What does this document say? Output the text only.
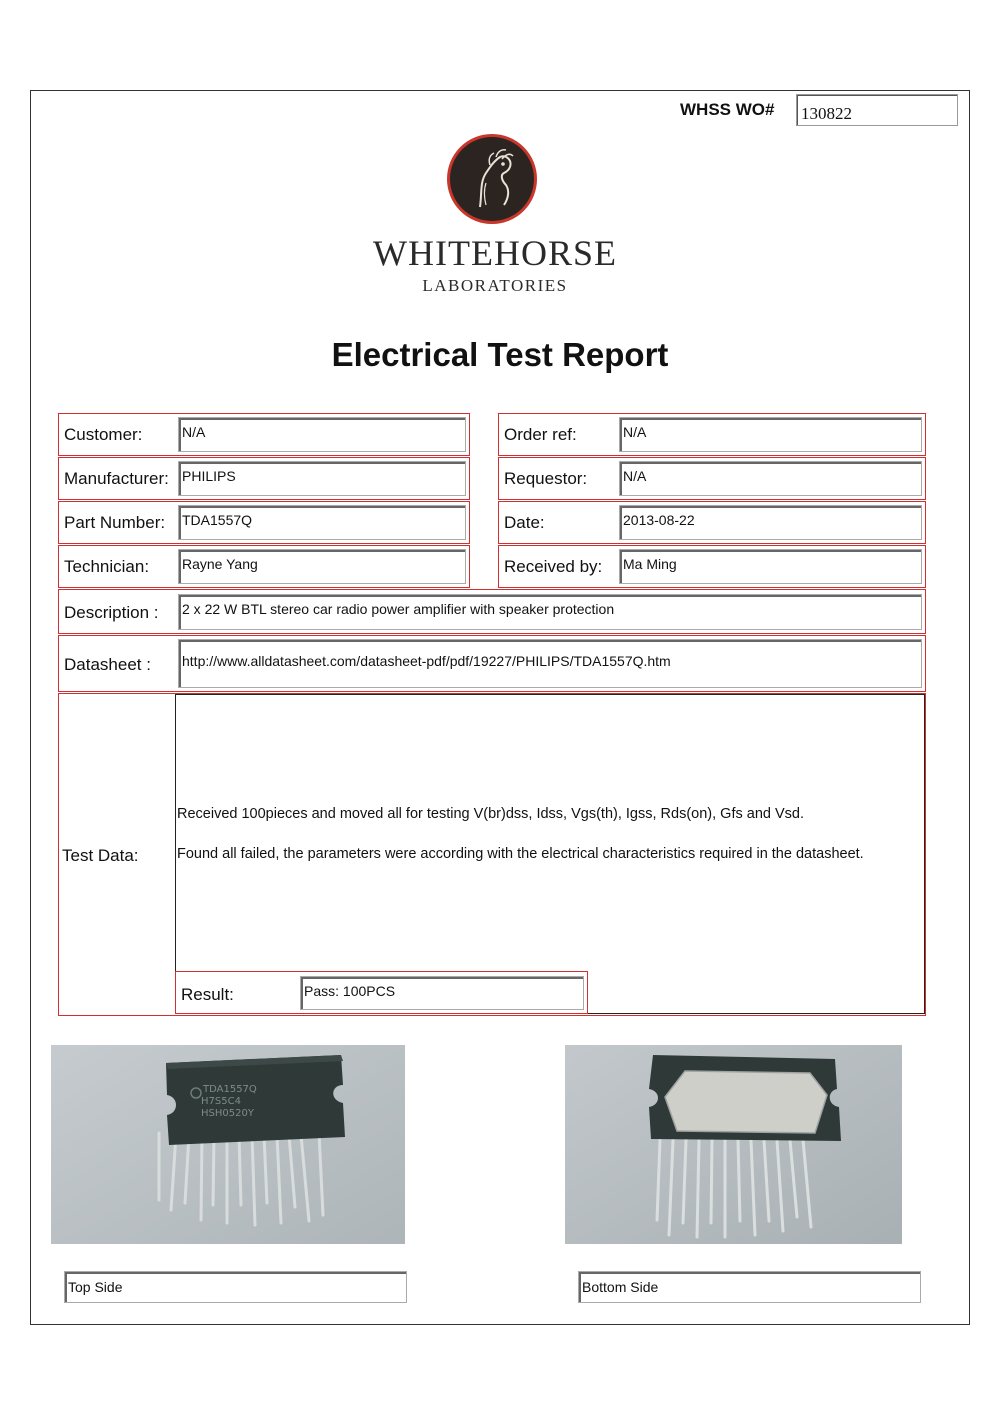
WHSS WO# 130822
WHITEHORSE
LABORATORIES
Electrical Test Report
Customer:	N/A	Order ref:	N/A
Manufacturer: PHILIPS	Requestor:	N/A
Part Number: TDA1557Q	Date:	2013-08-22
Technician: Rayne Yang	Received by: Ma Ming
Description : 2 x 22 W BTL stereo car radio power amplifier with speaker protection
Datasheet : http://www.alldatasheet.com/datasheet-pdf/pdf/19227/PHILIPS/TDA1557Q.htm
Test Data:
Received 100pieces and moved all for testing V(br)dss, Idss, Vgs(th), Igss, Rds(on), Gfs and Vsd.
Found all failed, the parameters were according with the electrical characteristics required in the datasheet.
Result:	Pass: 100PCS
TDA1557Q
H7S5C4
HSH0520Y
Top Side	Bottom Side
